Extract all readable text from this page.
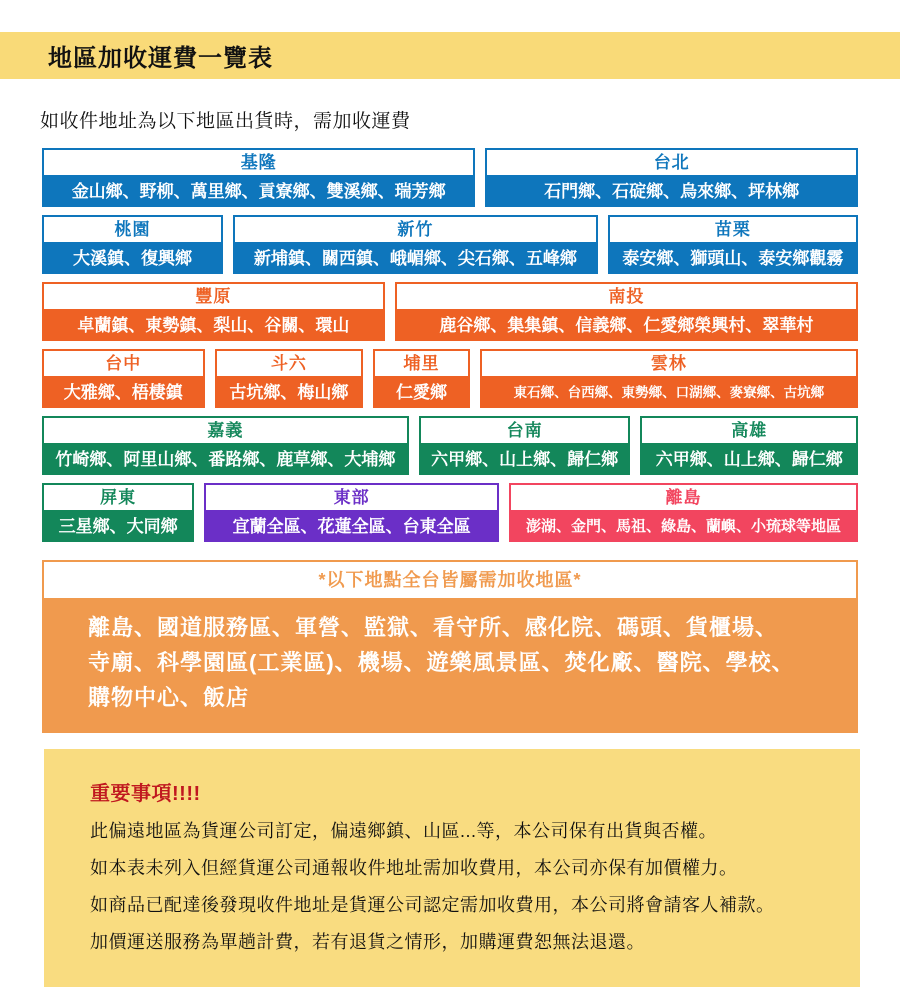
地區加收運費一覽表
如收件地址為以下地區出貨時，需加收運費
基隆
金山鄉、野柳、萬里鄉、貢寮鄉、雙溪鄉、瑞芳鄉
台北
石門鄉、石碇鄉、烏來鄉、坪林鄉
桃園
大溪鎮、復興鄉
新竹
新埔鎮、關西鎮、峨嵋鄉、尖石鄉、五峰鄉
苗栗
泰安鄉、獅頭山、泰安鄉觀霧
豐原
卓蘭鎮、東勢鎮、梨山、谷關、環山
南投
鹿谷鄉、集集鎮、信義鄉、仁愛鄉榮興村、翠華村
台中
大雅鄉、梧棲鎮
斗六
古坑鄉、梅山鄉
埔里
仁愛鄉
雲林
東石鄉、台西鄉、東勢鄉、口湖鄉、麥寮鄉、古坑鄉
嘉義
竹崎鄉、阿里山鄉、番路鄉、鹿草鄉、大埔鄉
台南
六甲鄉、山上鄉、歸仁鄉
高雄
六甲鄉、山上鄉、歸仁鄉
屏東
三星鄉、大同鄉
東部
宜蘭全區、花蓮全區、台東全區
離島
澎湖、金門、馬祖、綠島、蘭嶼、小琉球等地區
*以下地點全台皆屬需加收地區*
離島、國道服務區、軍營、監獄、看守所、感化院、碼頭、貨櫃場、寺廟、科學園區(工業區)、機場、遊樂風景區、焚化廠、醫院、學校、購物中心、飯店

重要事項!!!!

此偏遠地區為貨運公司訂定，偏遠鄉鎮、山區...等，本公司保有出貨與否權。

如本表未列入但經貨運公司通報收件地址需加收費用，本公司亦保有加價權力。

如商品已配達後發現收件地址是貨運公司認定需加收費用，本公司將會請客人補款。

加價運送服務為單趟計費，若有退貨之情形，加購運費恕無法退還。
